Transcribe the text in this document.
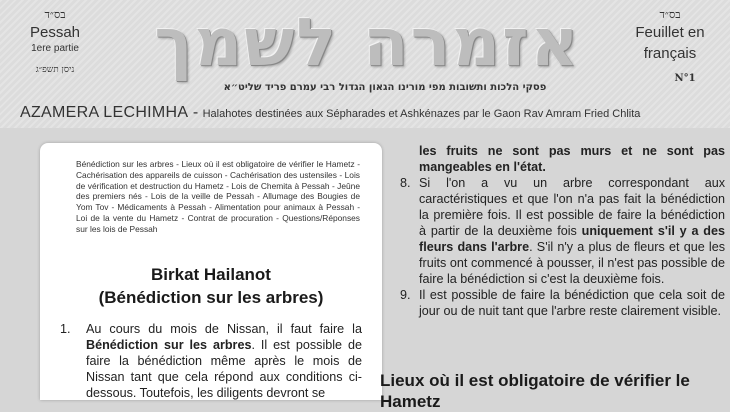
בס״ד
Pessah
1ere partie
ניסן תשפ״ג	אזמרה לשמך	בס״ד
Feuillet en
français
N°1
פסקי הלכות ותשובות מפי מורינו הגאון הגדול רבי עמרם פריד שליט״א
AZAMERA LECHIMHA - Halahotes destinées aux Sépharades et Ashkénazes par le Gaon Rav Amram Fried Chlita
Bénédiction sur les arbres - Lieux où il est obligatoire de vérifier le Hametz -Cachérisation des appareils de cuisson - Cachérisation des ustensiles - Lois de vérification et destruction du Hametz - Lois de Chemita à Pessah - Jeûne des premiers nés - Lois de la veille de Pessah - Allumage des Bougies de Yom Tov - Médicaments à Pessah - Alimentation pour animaux à Pessah - Loi de la vente du Hametz - Contrat de procuration - Questions/Réponses sur les lois de Pessah
Birkat Hailanot
(Bénédiction sur les arbres)
1.	Au cours du mois de Nissan, il faut faire la Bénédiction sur les arbres. Il est possible de faire la bénédiction même après le mois de Nissan tant que cela répond aux conditions ci-dessous. Toutefois, les diligents devront se
les fruits ne sont pas murs et ne sont pas mangeables en l'état.
8. Si l'on a vu un arbre correspondant aux caractéristiques et que l'on n'a pas fait la bénédiction la première fois. Il est possible de faire la bénédiction à partir de la deuxième fois uniquement s'il y a des fleurs dans l'arbre. S'il n'y a plus de fleurs et que les fruits ont commencé à pousser, il n'est pas possible de faire la bénédiction si c'est la deuxième fois.
9. Il est possible de faire la bénédiction que cela soit de jour ou de nuit tant que l'arbre reste clairement visible.
Lieux où il est obligatoire de vérifier le Hametz
